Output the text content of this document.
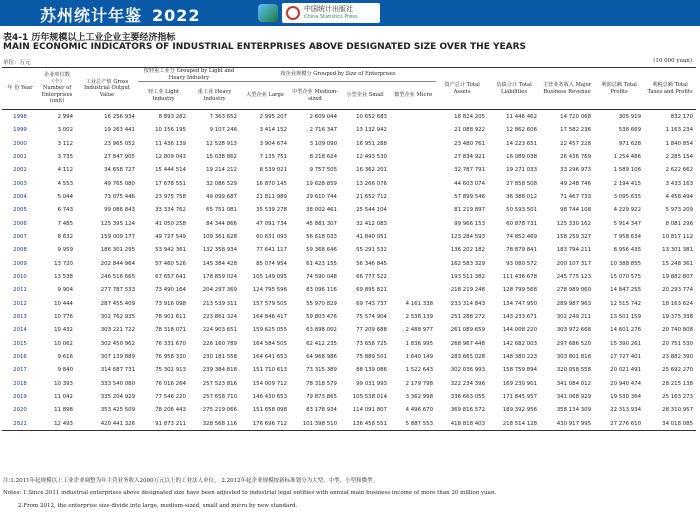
苏州统计年鉴 2022	中国统计出版社
China Statistics Press
表4-1 历年规模以上工业企业主要经济指标
MAIN ECONOMIC INDICATORS OF INDUSTRIAL ENTERPRISES ABOVE DESIGNATED SIZE OVER THE YEARS
单位：万元	(10 000 yuan)
年 份 Year	企业单位数（个）Number of Enterprises (unit)	工业总产值 Gross Industrial Output Value	按轻重工业分 Grouped by Light and Heavy Industry		按企业规模分 Grouped by Size of Enterprises				资产总计 Total Assets	负债合计 Total Liabilities	主营业务收入 Major Business Revenue	利润总额 Total Profits	利税总额 Total Taxes and Profits
			轻工业 Light Industry	重工业 Heavy Industry	大型企业 Large	中型企业 Medium-sized	小型企业 Small	微型企业 Micro					
1998	2 994	16 256 934	8 893 282	7 363 652	2 995 207	2 609 044	10 652 683		18 824 205	11 446 462	14 720 068	305 919	832 170
1999	3 002	19 263 441	10 156 195	9 107 246	3 414 152	2 716 347	13 132 942		21 088 922	12 862 606	17 582 236	538 669	1 163 234
2000	3 112	23 965 052	11 436 139	12 528 913	3 904 674	3 109 090	16 951 288		23 480 761	14 223 651	22 457 228	971 628	1 840 854
2001	3 735	27 847 905	12 809 043	15 038 862	7 135 751	8 218 624	12 493 530		27 834 921	16 089 038	26 436 769	1 254 486	2 285 154
2002	4 112	34 658 727	15 444 514	19 214 212	8 539 021	9 757 505	16 362 201		32 787 791	19 271 033	33 296 973	1 589 106	2 622 662
2003	4 553	49 765 080	17 678 551	32 086 529	16 870 145	19 628 859	13 266 076		44 603 074	27 858 508	49 248 746	2 194 415	3 433 163
2004	5 044	73 075 446	23 975 758	49 099 687	21 811 989	29 610 744	21 652 712		57 899 546	36 388 012	71 467 733	3 095 635	4 458 494
2005	6 743	99 086 843	33 334 762	65 751 081	35 539 278	38 002 461	25 544 104		81 219 897	50 593 501	98 744 108	4 229 922	5 973 209
2006	7 485	125 395 124	41 050 258	84 344 866	47 091 734	45 881 307	32 412 083		99 966 153	60 878 731	125 330 162	5 914 347	8 081 296
2007	8 632	159 009 177	49 727 549	109 361 628	60 631 093	56 618 033	41 840 051		123 284 593	74 852 469	158 259 327	7 958 634	10 817 112
2008	9 959	186 301 295	53 942 361	132 358 934	77 641 117	59 368 646	55 291 532		136 202 182	78 879 841	183 794 211	8 956 435	13 301 381
2009	13 720	202 844 964	57 460 526	145 384 428	85 074 954	61 423 155	56 346 845		162 583 329	93 080 572	200 107 317	10 388 855	15 248 361
2010	13 538	246 516 665	67 657 641	178 859 024	105 149 095	74 590 048	66 777 522		193 511 382	111 436 678	245 775 123	15 070 575	19 882 807
2011	9 904	277 787 533	73 490 164	204 297 369	124 795 596	83 096 116	69 895 821		218 219 248	128 799 568	278 989 060	14 847 255	20 293 774
2012	10 444	287 455 409	73 916 098	213 539 311	157 579 505	55 970 829	69 743 737	4 161 338	233 314 843	134 747 950	289 987 963	12 515 742	18 163 624
2013	10 776	302 762 935	78 901 611	223 861 324	164 846 417	59 803 476	75 574 904	2 538 139	251 288 272	143 233 671	302 249 211	13 501 159	19 375 338
2014	10 432	303 221 722	78 318 071	224 903 651	159 625 055	63 898 002	77 209 688	2 488 977	261 089 659	144 008 220	303 972 668	14 601 276	20 740 808
2015	10 062	302 450 962	76 331 670	226 160 789	164 584 505	62 412 235	73 658 725	1 836 995	268 967 448	142 682 003	297 686 520	15 390 261	20 751 530
2016	9 616	307 139 889	76 958 330	230 181 558	164 641 653	64 968 986	75 889 501	1 640 149	283 665 028	148 380 223	303 801 818	17 727 401	23 882 390
2017	9 840	314 687 731	75 302 913	239 384 818	151 710 613	73 315 389	88 139 086	1 522 643	302 036 993	158 759 894	320 058 558	20 021 491	25 692 270
2018	10 393	333 540 080	76 016 264	257 523 816	154 009 712	78 318 579	99 031 993	2 179 798	322 234 396	169 230 901	341 084 012	20 940 474	28 215 138
2019	11 042	335 204 929	77 546 220	257 658 710	146 430 653	79 873 865	105 538 014	3 362 998	336 663 055	171 845 957	341 068 929	19 530 364	25 163 273
2020	11 898	353 425 509	78 206 443	275 219 066	151 658 098	83 178 934	114 091 807	4 496 670	369 816 572	189 392 956	358 134 309	22 313 934	28 310 957
2021	12 493	420 441 326	91 873 211	328 568 116	176 696 712	101 398 510	136 458 551	5 887 553	418 818 403	218 514 128	430 917 995	27 276 610	34 018 085
注:1.2011年起规模以上工业企业调整为年主营业务收入2000万元以上的工业法人单位。 2.2012年起企业规模按新标准划分为大型、中型、小型和微型。
Notes: 1.Since 2011 industrial enterprises above designated size have been adjusted to industrial legal entities with annual main business income of more than 20 million yuan.
2.From 2012, the enterprise size divide into large, medium-sized, small and micro by new standard.
